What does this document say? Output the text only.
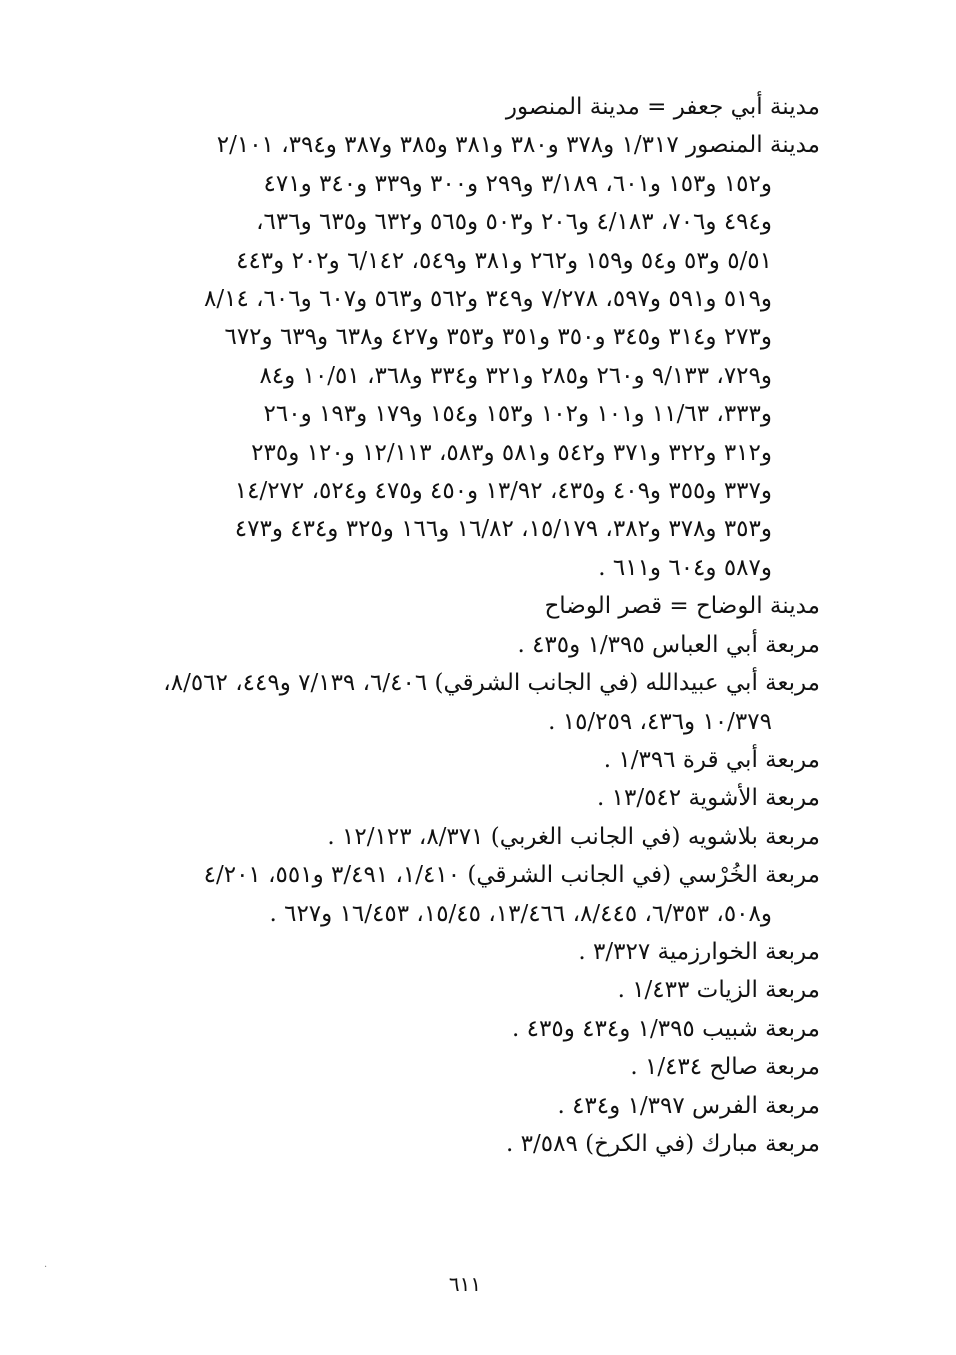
مدينة أبي جعفر = مدينة المنصور
مدينة المنصور ١/٣١٧ و٣٧٨ و٣٨٠ و٣٨١ و٣٨٥ و٣٨٧ و٣٩٤، ٢/١٠١
و١٥٢ و١٥٣ و٦٠١، ٣/١٨٩ و٢٩٩ و٣٠٠ و٣٣٩ و٣٤٠ و٤٧١
و٤٩٤ و٧٠٦، ٤/١٨٣ و٢٠٦ و٥٠٣ و٥٦٥ و٦٣٢ و٦٣٥ و٦٣٦،
٥/٥١ و٥٣ و٥٤ و١٥٩ و٢٦٢ و٣٨١ و٥٤٩، ٦/١٤٢ و٢٠٢ و٤٤٣
و٥١٩ و٥٩١ و٥٩٧، ٧/٢٧٨ و٣٤٩ و٥٦٢ و٥٦٣ و٦٠٧ و٦٠٦، ٨/١٤
و٢٧٣ و٣١٤ و٣٤٥ و٣٥٠ و٣٥١ و٣٥٣ و٤٢٧ و٦٣٨ و٦٣٩ و٦٧٢
و٧٢٩، ٩/١٣٣ و٢٦٠ و٢٨٥ و٣٢١ و٣٣٤ و٣٦٨، ١٠/٥١ و٨٤
و٣٣٣، ١١/٦٣ و١٠١ و١٠٢ و١٥٣ و١٥٤ و١٧٩ و١٩٣ و٢٦٠
و٣١٢ و٣٢٢ و٣٧١ و٥٤٢ و٥٨١ و٥٨٣، ١٢/١١٣ و١٢٠ و٢٣٥
و٣٣٧ و٣٥٥ و٤٠٩ و٤٣٥، ١٣/٩٢ و٤٥٠ و٤٧٥ و٥٢٤، ١٤/٢٧٢
و٣٥٣ و٣٧٨ و٣٨٢، ١٥/١٧٩، ١٦/٨٢ و١٦٦ و٣٢٥ و٤٣٤ و٤٧٣
و٥٨٧ و٦٠٤ و٦١١ .
مدينة الوضاح = قصر الوضاح
مربعة أبي العباس ١/٣٩٥ و٤٣٥ .
مربعة أبي عبيدالله (في الجانب الشرقي) ٦/٤٠٦، ٧/١٣٩ و٤٤٩، ٨/٥٦٢،
١٠/٣٧٩ و٤٣٦، ١٥/٢٥٩ .
مربعة أبي قرة ١/٣٩٦ .
مربعة الأشوية ١٣/٥٤٢ .
مربعة بلاشويه (في الجانب الغربي) ٨/٣٧١، ١٢/١٢٣ .
مربعة الخُرْسي (في الجانب الشرقي) ١/٤١٠، ٣/٤٩١ و٥٥١، ٤/٢٠١
و٥٠٨، ٦/٣٥٣، ٨/٤٤٥، ١٣/٤٦٦، ١٥/٤٥، ١٦/٤٥٣ و٦٢٧ .
مربعة الخوارزمية ٣/٣٢٧ .
مربعة الزيات ١/٤٣٣ .
مربعة شبيب ١/٣٩٥ و٤٣٤ و٤٣٥ .
مربعة صالح ١/٤٣٤ .
مربعة الفرس ١/٣٩٧ و٤٣٤ .
مربعة مبارك (في الكرخ) ٣/٥٨٩ .
٦١١
·
